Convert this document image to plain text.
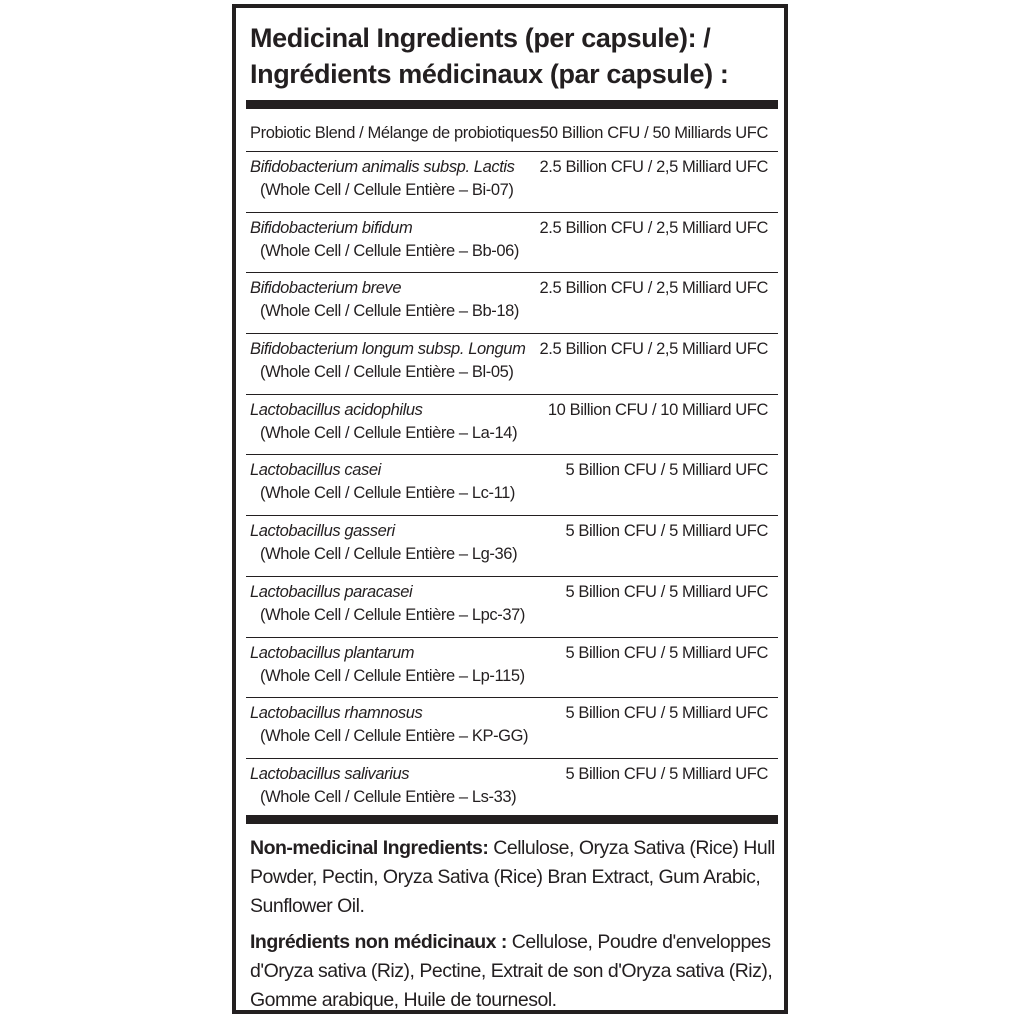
Medicinal Ingredients (per capsule): /
Ingrédients médicinaux (par capsule) :
Probiotic Blend / Mélange de probiotiques:
50 Billion CFU / 50 Milliards UFC
Bifidobacterium animalis subsp. Lactis
(Whole Cell / Cellule Entière – Bi-07)
2.5 Billion CFU / 2,5 Milliard UFC
Bifidobacterium bifidum
(Whole Cell / Cellule Entière – Bb-06)
2.5 Billion CFU / 2,5 Milliard UFC
Bifidobacterium breve
(Whole Cell / Cellule Entière – Bb-18)
2.5 Billion CFU / 2,5 Milliard UFC
Bifidobacterium longum subsp. Longum
(Whole Cell / Cellule Entière – Bl-05)
2.5 Billion CFU / 2,5 Milliard UFC
Lactobacillus acidophilus
(Whole Cell / Cellule Entière – La-14)
10 Billion CFU / 10 Milliard UFC
Lactobacillus casei
(Whole Cell / Cellule Entière – Lc-11)
5 Billion CFU / 5 Milliard UFC
Lactobacillus gasseri
(Whole Cell / Cellule Entière – Lg-36)
5 Billion CFU / 5 Milliard UFC
Lactobacillus paracasei
(Whole Cell / Cellule Entière – Lpc-37)
5 Billion CFU / 5 Milliard UFC
Lactobacillus plantarum
(Whole Cell / Cellule Entière – Lp-115)
5 Billion CFU / 5 Milliard UFC
Lactobacillus rhamnosus
(Whole Cell / Cellule Entière – KP-GG)
5 Billion CFU / 5 Milliard UFC
Lactobacillus salivarius
(Whole Cell / Cellule Entière – Ls-33)
5 Billion CFU / 5 Milliard UFC

Non-medicinal Ingredients: Cellulose, Oryza Sativa (Rice) Hull Powder, Pectin, Oryza Sativa (Rice) Bran Extract, Gum Arabic, Sunflower Oil.

Ingrédients non médicinaux : Cellulose, Poudre d'enveloppes d'Oryza sativa (Riz), Pectine, Extrait de son d'Oryza sativa (Riz), Gomme arabique, Huile de tournesol.
